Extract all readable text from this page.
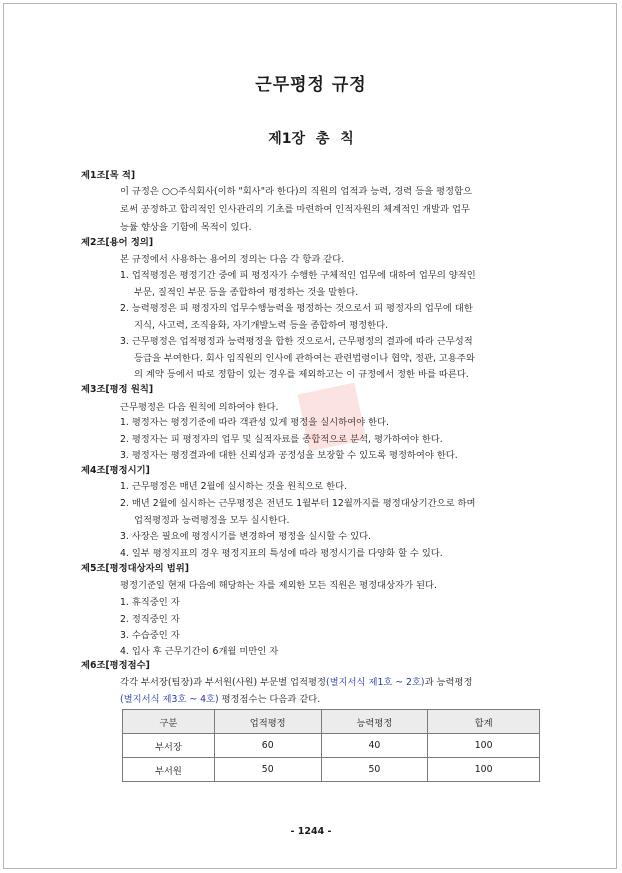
근무평정 규정
제1장 총 칙

제1조[목 적]

이 규정은 ○○주식회사(이하 "회사"라 한다)의 직원의 업적과 능력, 경력 등을 평정함으

로써 공정하고 합리적인 인사관리의 기초를 마련하여 인적자원의 체계적인 개발과 업무

능률 향상을 기함에 목적이 있다.

제2조[용어 정의]

본 규정에서 사용하는 용어의 정의는 다음 각 항과 같다.

1. 업적평정은 평정기간 중에 피 평정자가 수행한 구체적인 업무에 대하여 업무의 양적인

부문, 질적인 부문 등을 종합하여 평정하는 것을 말한다.

2. 능력평정은 피 평정자의 업무수행능력을 평정하는 것으로서 피 평정자의 업무에 대한

지식, 사고력, 조직융화, 자기개발노력 등을 종합하여 평정한다.

3. 근무평정은 업적평정과 능력평정을 합한 것으로서, 근무평정의 결과에 따라 근무성적

등급을 부여한다. 회사 임직원의 인사에 관하여는 관련법령이나 협약, 정관, 고용주와

의 계약 등에서 따로 정함이 있는 경우를 제외하고는 이 규정에서 정한 바를 따른다.

제3조[평정 원칙]

근무평정은 다음 원칙에 의하여야 한다.

1. 평정자는 평정기준에 따라 객관성 있게 평정을 실시하여야 한다.

2. 평정자는 피 평정자의 업무 및 실적자료를 종합적으로 분석, 평가하여야 한다.

3. 평정자는 평정결과에 대한 신뢰성과 공정성을 보장할 수 있도록 평정하여야 한다.

제4조[평정시기]

1. 근무평정은 매년 2월에 실시하는 것을 원칙으로 한다.

2. 매년 2월에 실시하는 근무평정은 전년도 1월부터 12월까지를 평정대상기간으로 하며

업적평정과 능력평정을 모두 실시한다.

3. 사장은 필요에 평정시기를 변경하여 평정을 실시할 수 있다.

4. 일부 평정지표의 경우 평정지표의 특성에 따라 평정시기를 다양화 할 수 있다.

제5조[평정대상자의 범위]

평정기준일 현재 다음에 해당하는 자를 제외한 모든 직원은 평정대상자가 된다.

1. 휴직중인 자

2. 정직중인 자

3. 수습중인 자

4. 입사 후 근무기간이 6개월 미만인 자

제6조[평정점수]

각각 부서장(팀장)과 부서원(사원) 부문별 업적평정(별지서식 제1호 ~ 2호)과 능력평정

(별지서식 제3호 ~ 4호) 평정점수는 다음과 같다.

구분	업적평정	능력평정	합계
부서장	60	40	100
부서원	50	50	100

- 1244 -
